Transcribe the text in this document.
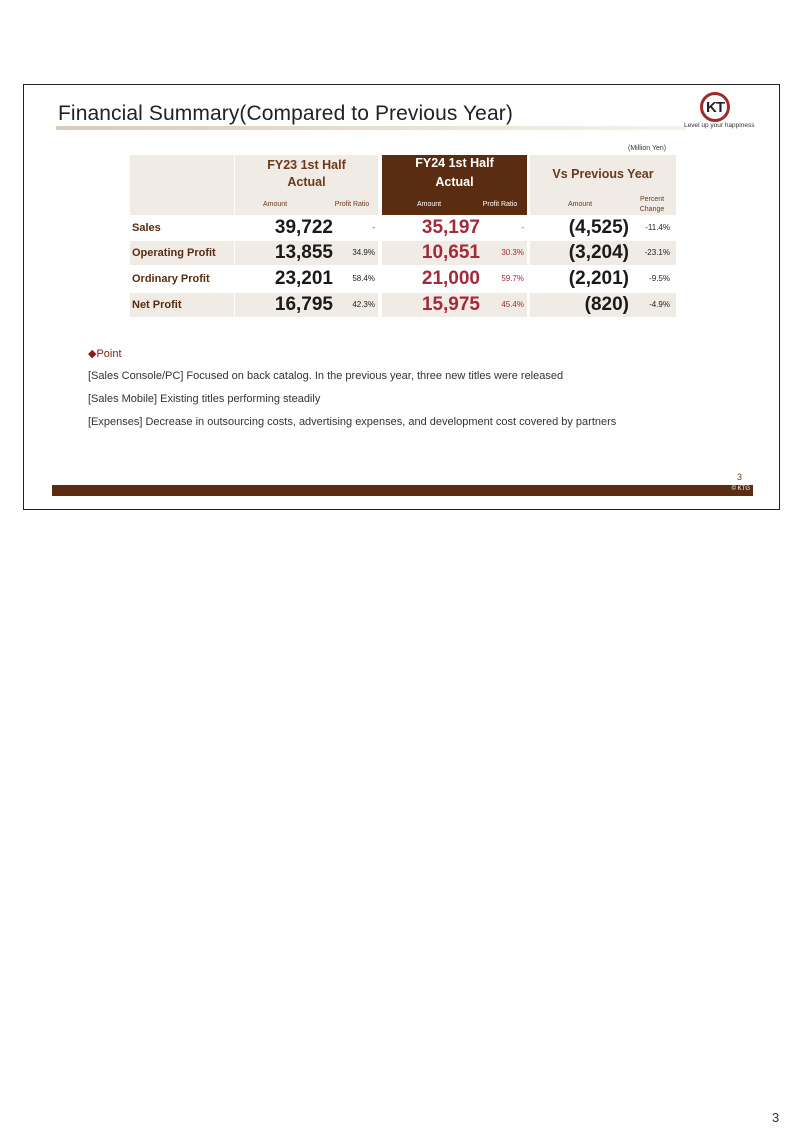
Financial Summary(Compared to Previous Year)	KT
Level up your happiness
(Million Yen)
FY23 1st Half
Actual
Amount	Profit Ratio
FY24 1st Half
Actual
Amount	Profit Ratio
Vs Previous Year
Amount
Percent
Change
Sales	39,722	-	35,197	-	(4,525)	-11.4%
Operating Profit	13,855	34.9%	10,651	30.3%	(3,204)	-23.1%
Ordinary Profit	23,201	58.4%	21,000	59.7%	(2,201)	-9.5%
Net Profit	16,795	42.3%	15,975	45.4%	(820)	-4.9%
◆Point
[Sales Console/PC] Focused on back catalog. In the previous year, three new titles were released
[Sales Mobile] Existing titles performing steadily
[Expenses] Decrease in outsourcing costs, advertising expenses, and development cost covered by partners
3
© KTG
3
